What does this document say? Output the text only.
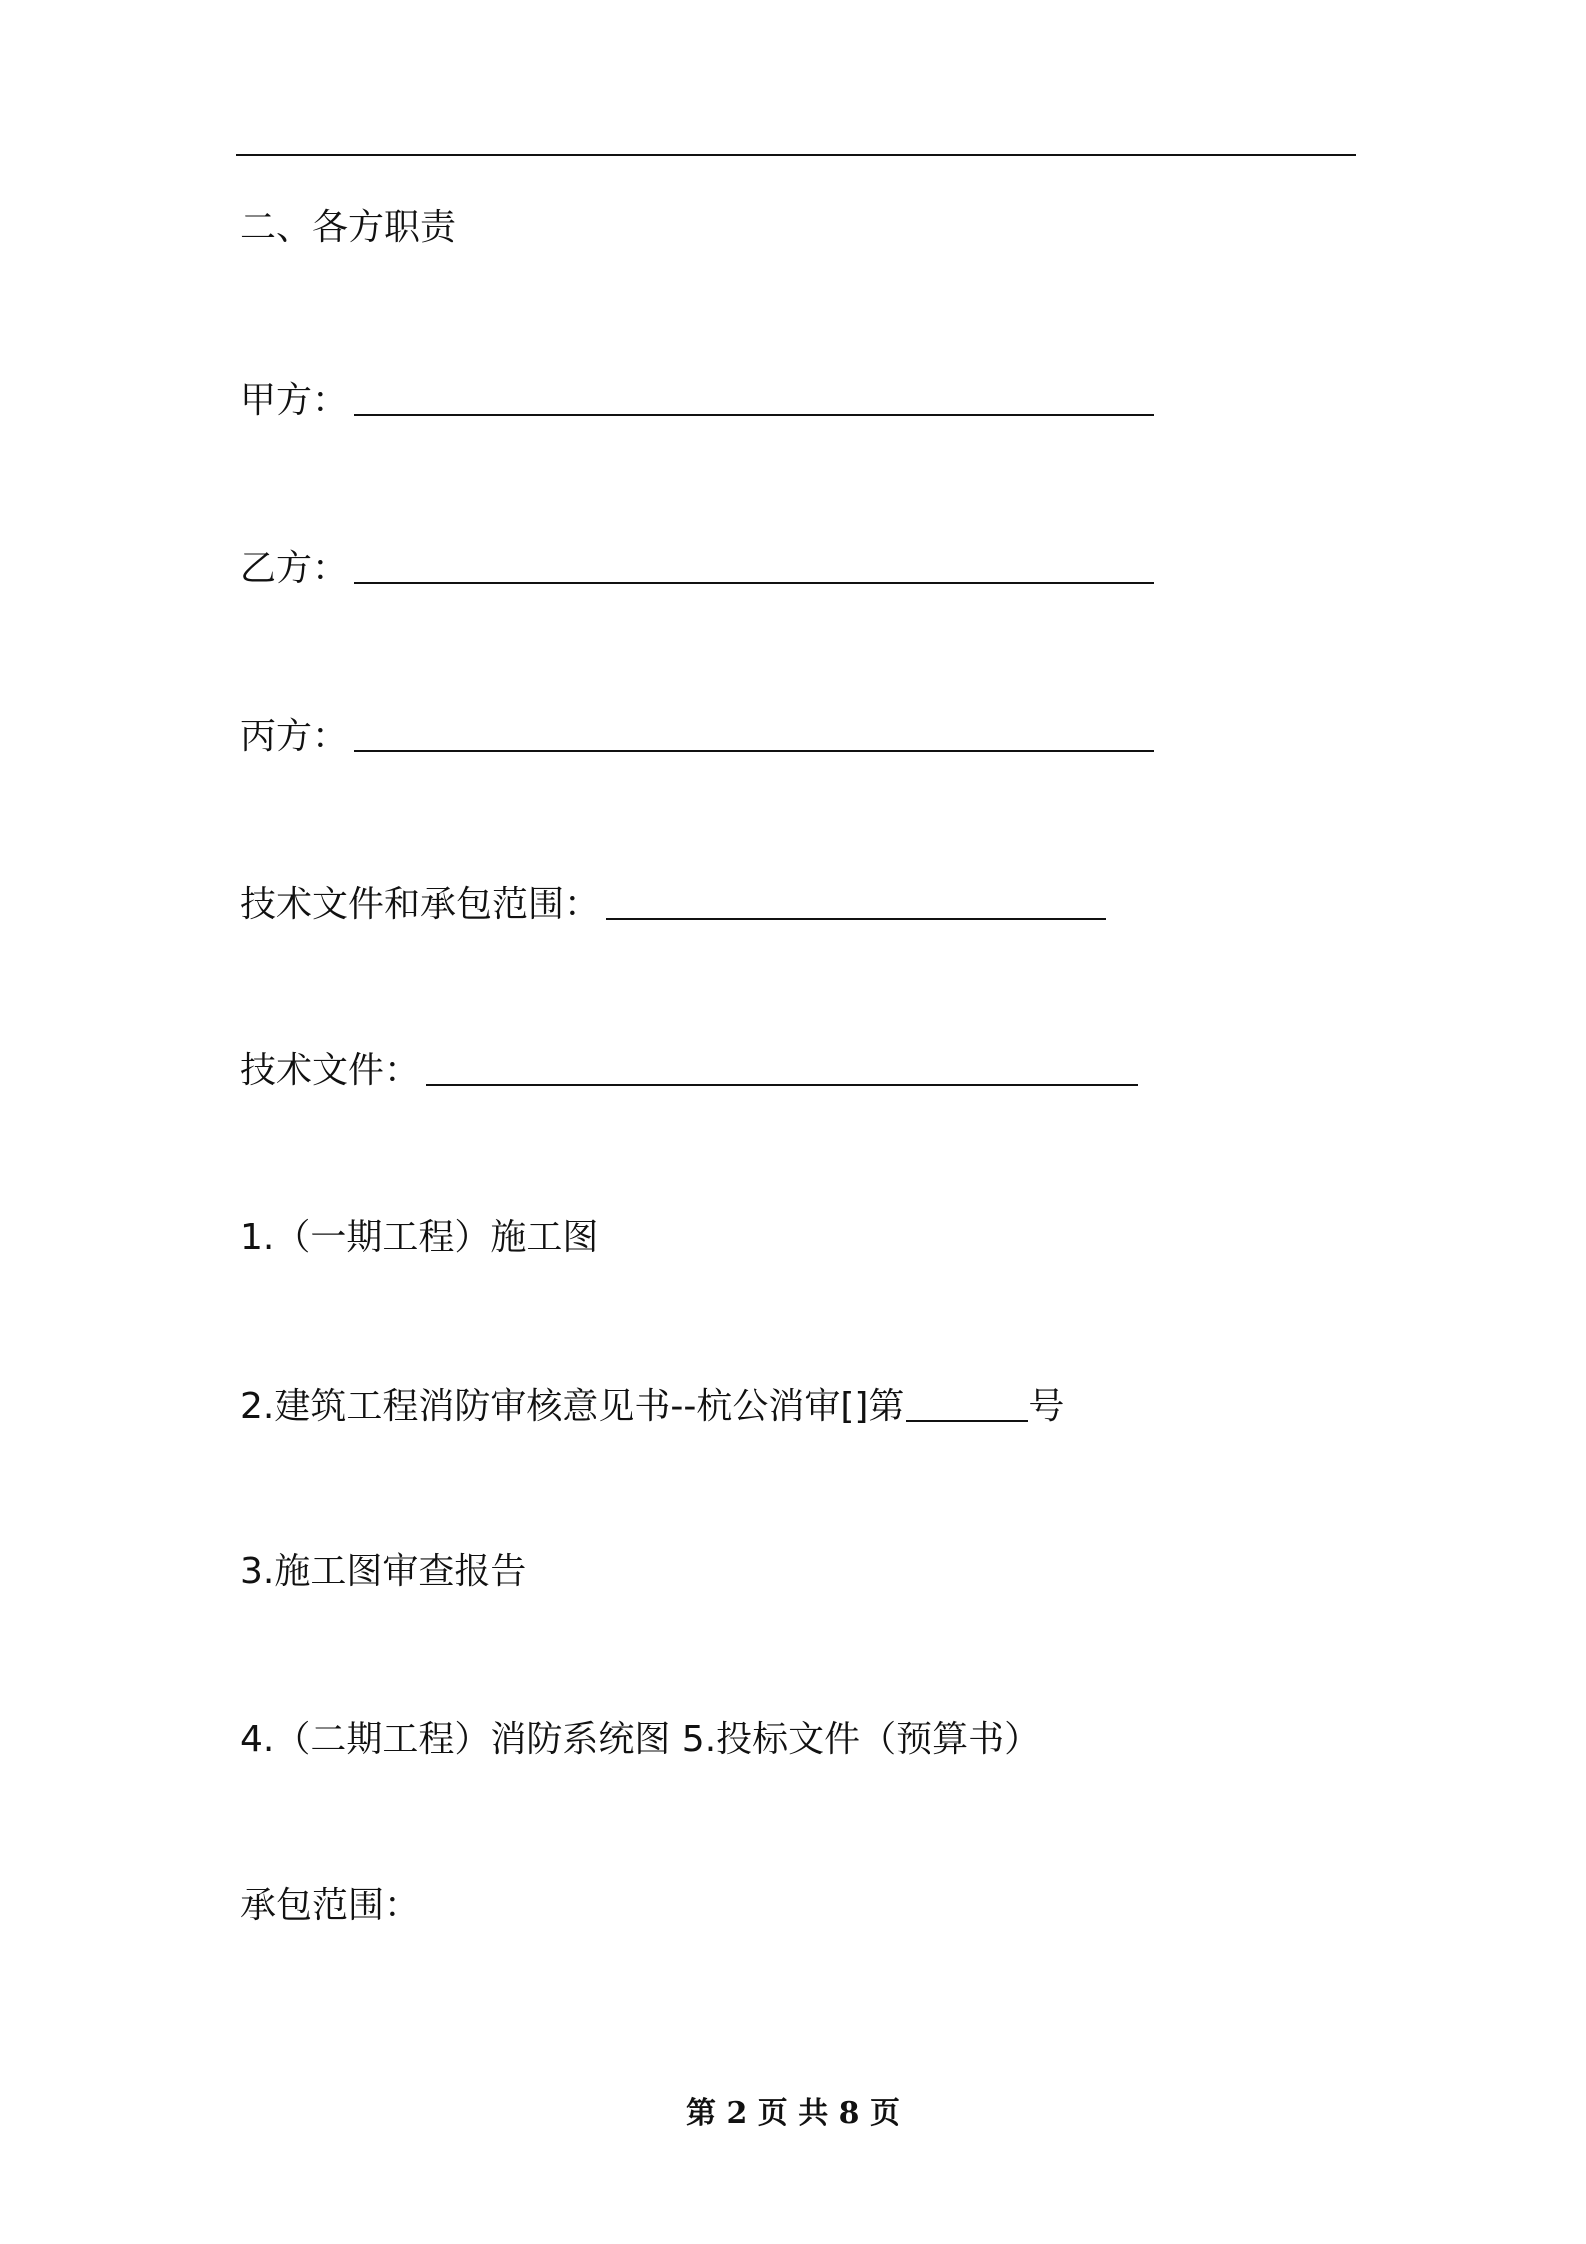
二、各方职责
甲方：
乙方：
丙方：
技术文件和承包范围：
技术文件：
1.（一期工程）施工图
2.建筑工程消防审核意见书--杭公消审[]第	号
3.施工图审查报告
4.（二期工程）消防系统图 5.投标文件（预算书）
承包范围：
第 2 页 共 8 页
